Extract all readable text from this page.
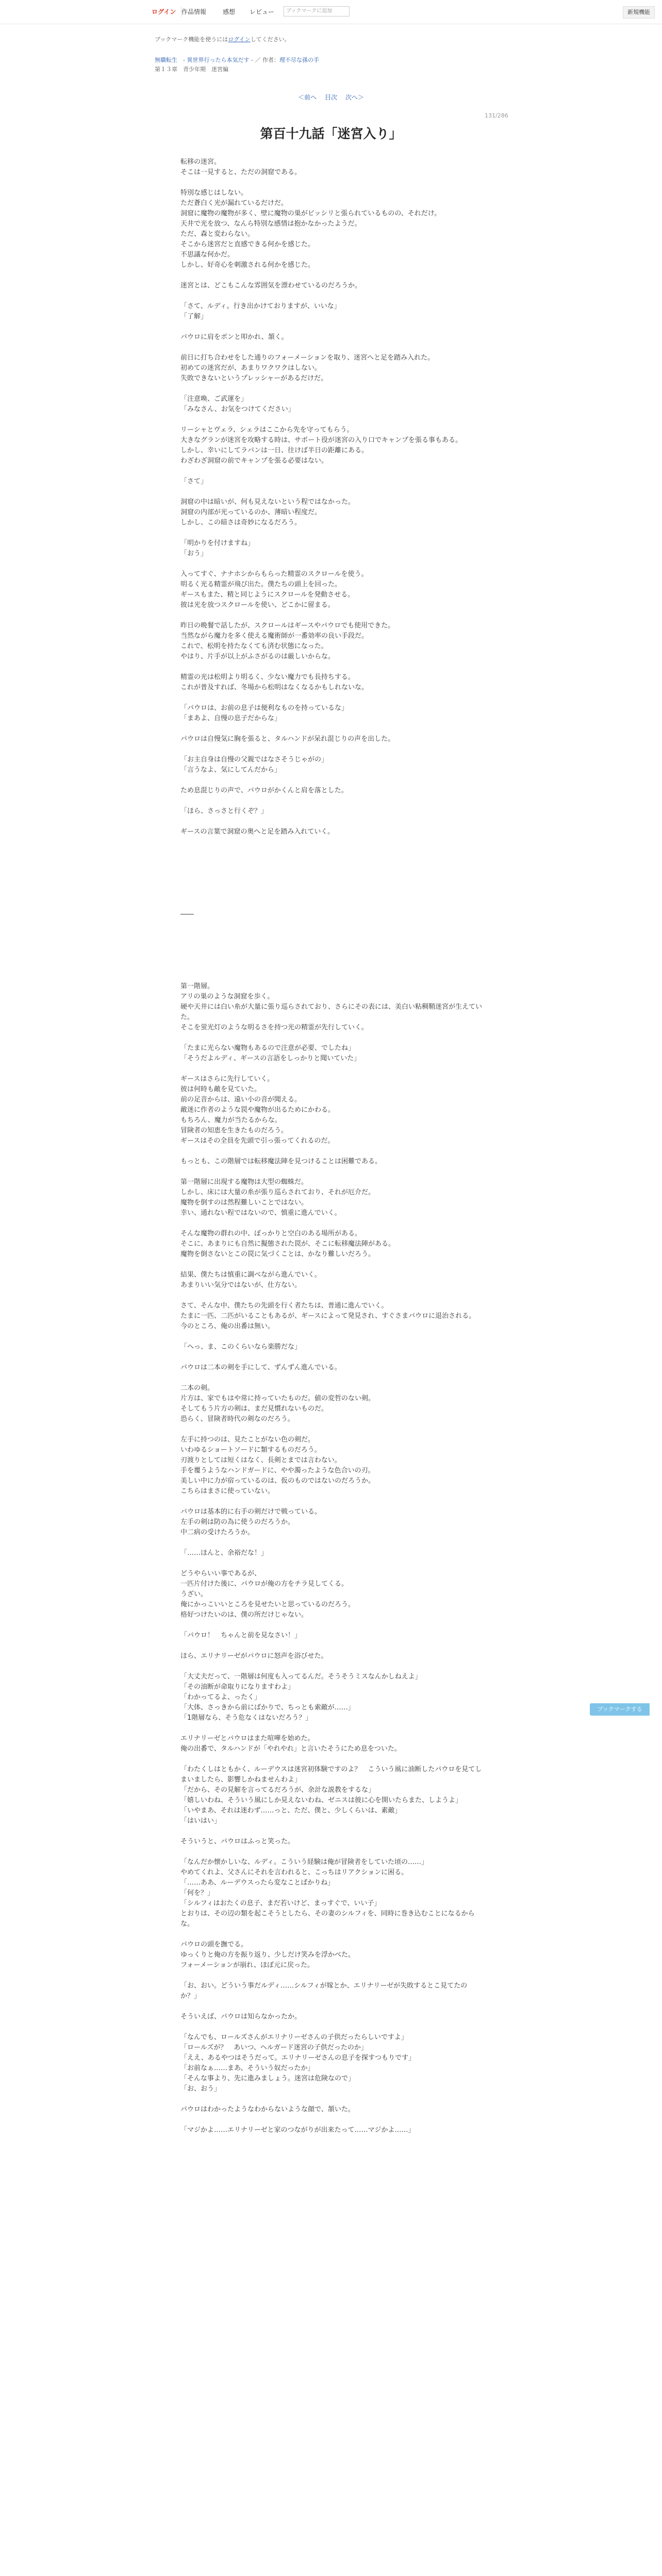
ログイン 作品情報	感想 レビュー	ブックマークに追加	新規機能
ブックマーク機能を使うにはログインしてください。
無職転生　- 異世界行ったら本気だす - ／ 作者：理不尽な孫の手
第１３章　青少年期　迷宮編
＜前へ 目次 次へ＞
131/286
第百十九話「迷宮入り」

転移の迷宮。

そこは一見すると、ただの洞窟である。

特別な感じはしない。

ただ蒼白く光が漏れているだけだ。

洞窟に魔物の魔物が多く、壁に魔物の巣がビッシリと張られているものの、それだけ。

天井で光を放つ、なんら特別な感情は抱かなかったようだ。

ただ、森と変わらない。

そこから迷宮だと直感できる何かを感じた。

不思議な何かだ。

しかし、好奇心を刺激される何かを感じた。

迷宮とは、どこもこんな雰囲気を漂わせているのだろうか。

「さて、ルディ。行き出かけておりますが、いいな」

「了解」

パウロに肩をポンと叩かれ、頷く。

前日に打ち合わせをした通りのフォーメーションを取り、迷宮へと足を踏み入れた。

初めての迷宮だが、あまりワクワクはしない。

失敗できないというプレッシャーがあるだけだ。

「注意喚、ご武運を」

「みなさん、お気をつけてください」

リーシャとヴェラ、シェラはここから先を守ってもらう。

大きなグランが迷宮を攻略する時は、サポート役が迷宮の入り口でキャンプを張る事もある。

しかし、幸いにしてラパンは一日、往けば半日の距離にある。

わざわざ洞窟の前でキャンプを張る必要はない。

「さて」

洞窟の中は暗いが、何も見えないという程ではなかった。

洞窟の内部が光っているのか、薄暗い程度だ。

しかし、この暗さは奇妙になるだろう。

「明かりを付けますね」

「おう」

入ってすぐ、ナナホシからもらった精霊のスクロールを使う。

明るく光る精霊が飛び出た。僕たちの頭上を回った。

ギースもまた、精と同じようにスクロールを発動させる。

彼は光を放つスクロールを使い、どこかに留まる。

昨日の晩餐で話したが、スクロールはギースやパウロでも使用できた。

当然ながら魔力を多く使える魔術師が一番効率の良い手段だ。

これで、松明を持たなくても済む状態になった。

やはり、片手が以上がふさがるのは厳しいからな。

精霊の光は松明より明るく、少ない魔力でも長持ちする。

これが普及すれば、冬場から松明はなくなるかもしれないな。

「パウロは、お前の息子は便利なものを持っているな」

「まあよ、自慢の息子だからな」

パウロは自慢気に胸を張ると、タルハンドが呆れ混じりの声を出した。

「お主自身は自慢の父親ではなさそうじゃがの」

「言うなよ、気にしてんだから」

ため息混じりの声で、パウロがかくんと肩を落とした。

「ほら、さっさと行くぞ？」

ギースの言葉で洞窟の奥へと足を踏み入れていく。

――

第一階層。

アリの巣のような洞窟を歩く。

硬や天井には白い糸が大量に張り巡らされており、さらにその表には、美白い粘稠鞘迷宮が生えていた。

そこを蛍光灯のような明るさを持つ光の精霊が先行していく。

「たまに光らない魔物もあるので注意が必要、でしたね」

「そうだよルディ、ギースの言語をしっかりと聞いていた」

ギースはさらに先行していく。

彼は何時も敵を見ていた。

前の足音からは、遠い小の音が聞える。

敵迷に作者のような罠や魔物が出るためにかわる。

もちろん、魔力が当たるからな。

冒険者の知恵を生きたものだろう。

ギースはその全員を先頭で引っ張ってくれるのだ。

もっとも、この階層では転移魔法陣を見つけることは困難である。

第一階層に出現する魔物は大型の蜘蛛だ。

しかし、床には大量の糸が張り巡らされており、それが厄介だ。

魔物を倒すのは然程難しいことではない。

幸い、通れない程ではないので、慎重に進んでいく。

そんな魔物の群れの中、ぽっかりと空白のある場所がある。

そこに、あまりにも自然に擬態された罠が、そこに転移魔法陣がある。

魔物を倒さないとこの罠に気づくことは、かなり難しいだろう。

結果、僕たちは慎重に調べながら進んでいく。

あまりいい気分ではないが、仕方ない。

さて、そんな中、僕たちの先頭を行く者たちは、普通に進んでいく。

たまに一匹、二匹がいることもあるが、ギースによって発見され、すぐさまパウロに退治される。

今のところ、俺の出番は無い。

「へっ、ま、このくらいなら楽勝だな」

パウロは二本の剣を手にして、ずんずん進んでいる。

二本の剣。

片方は、家でもはや常に持っていたものだ。値の変哲のない剣。

そしてもう片方の剣は、まだ見慣れないものだ。

恐らく、冒険者時代の剣なのだろう。

左手に持つのは、見たことがない色の剣だ。

いわゆるショートソードに類するものだろう。

刃渡りとしては短くはなく、長剣とまでは言わない。

手を覆うようなハンドガードに、やや濁ったような色合いの刃。

美しい中に力が宿っているのは、仮のものではないのだろうか。

こちらはまさに使っていない。

パウロは基本的に右手の剣だけで戦っている。

左手の剣は防の為に使うのだろうか。

中二病の受けたろうか。

「……ほんと、余裕だな！」

どうやらいい事であるが、

一匹片付けた後に、パウロが俺の方をチラ見してくる。

うざい。

俺にかっこいいところを見せたいと思っているのだろう。

格好つけたいのは、僕の所だけじゃない。

「パウロ！　ちゃんと前を見なさい！」

ほら、エリナリーゼがパウロに怒声を浴びせた。

「大丈夫だって、一階層は何度も入ってるんだ。そうそうミスなんかしねえよ」

「その油断が命取りになりますわよ」

「わかってるよ、ったく」

「大体、さっきから前にばかりで、ちっとも索敵が……」

「1階層なら、そう危なくはないだろう？」

エリナリーゼとパウロはまた喧嘩を始めた。

俺の出番で、タルハンドが「やれやれ」と言いたそうにため息をついた。

「わたくしはともかく、ルーデウスは迷宮初体験ですのよ？　こういう風に油断したパウロを見てしまいましたら、影響しかねませんわよ」

「だから、その見解を言ってるだろうが、余計な説教をするな」

「嬉しいわね、そういう風にしか見えないわね、ゼニスは彼に心を開いたらまた、しようよ」

「いやまあ、それは迷わず……っと、ただ、僕と、少しくらいは、素敵」

「はいはい」

そういうと、パウロはふっと笑った。

「なんだか懐かしいな、ルディ。こういう経験は俺が冒険者をしていた頃の……」

やめてくれよ、父さんにそれを言われると、こっちはリアクションに困る。

「……ああ、ルーデウスったら変なことばかりね」

「何を？」

「シルフィはおたくの息子、まだ若いけど、まっすぐで、いい子」

とおりは、その辺の類を起こそうとしたら、その妻のシルフィを、同時に巻き込むことになるからな。

パウロの頭を撫でる。

ゆっくりと俺の方を振り返り、少しだけ笑みを浮かべた。

フォーメーションが崩れ、ほぼ元に戻った。

「お、おい。どういう事だルディ……シルフィが嫁とか、エリナリーゼが失敗するとこ見てたのか？」

そういえば、パウロは知らなかったか。

「なんでも、ロールズさんがエリナリーゼさんの子供だったらしいですよ」

「ロールズが？　あいつ、ヘルガード迷宮の子供だったのか」

「ええ、あるやつはそうだって。エリナリーゼさんの息子を探すつもりです」

「お前なぁ……まあ、そういう奴だったか」

「そんな事より、先に進みましょう。迷宮は危険なので」

「お、おう」

パウロはわかったようなわからないような顔で、頷いた。

「マジかよ……エリナリーゼと家のつながりが出来たって……マジかよ……」

ブックマークする
